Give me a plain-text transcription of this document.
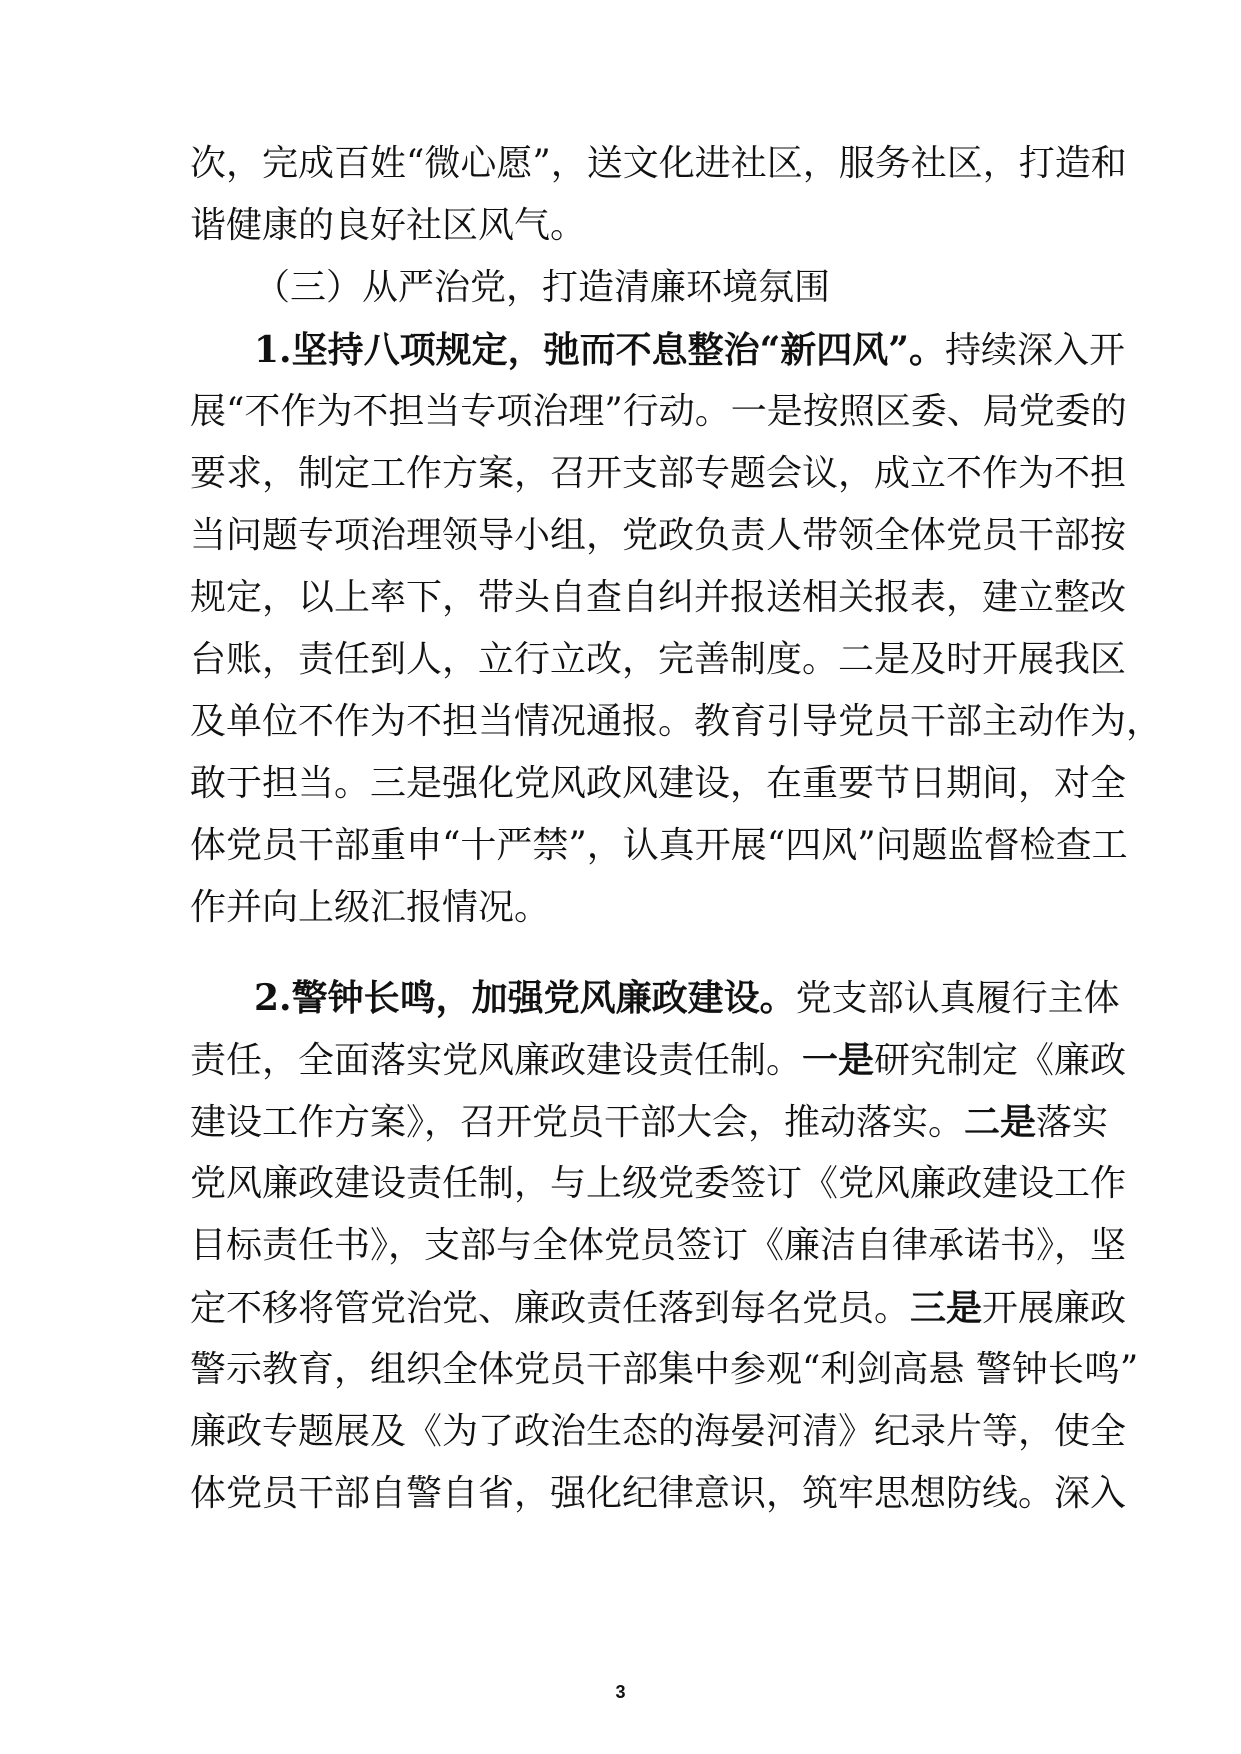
次，完成百姓“微心愿”，送文化进社区，服务社区，打造和
谐健康的良好社区风气。
（三）从严治党，打造清廉环境氛围
1.坚持八项规定，弛而不息整治“新四风”。持续深入开
展“不作为不担当专项治理”行动。一是按照区委、局党委的
要求，制定工作方案，召开支部专题会议，成立不作为不担
当问题专项治理领导小组，党政负责人带领全体党员干部按
规定，以上率下，带头自查自纠并报送相关报表，建立整改
台账，责任到人，立行立改，完善制度。二是及时开展我区
及单位不作为不担当情况通报。教育引导党员干部主动作为，
敢于担当。三是强化党风政风建设，在重要节日期间，对全
体党员干部重申“十严禁”，认真开展“四风”问题监督检查工
作并向上级汇报情况。
2.警钟长鸣，加强党风廉政建设。党支部认真履行主体
责任，全面落实党风廉政建设责任制。一是研究制定《廉政
建设工作方案》，召开党员干部大会，推动落实。二是落实
党风廉政建设责任制，与上级党委签订《党风廉政建设工作
目标责任书》，支部与全体党员签订《廉洁自律承诺书》，坚
定不移将管党治党、廉政责任落到每名党员。三是开展廉政
警示教育，组织全体党员干部集中参观“利剑高悬 警钟长鸣”
廉政专题展及《为了政治生态的海晏河清》纪录片等，使全
体党员干部自警自省，强化纪律意识，筑牢思想防线。深入
3
